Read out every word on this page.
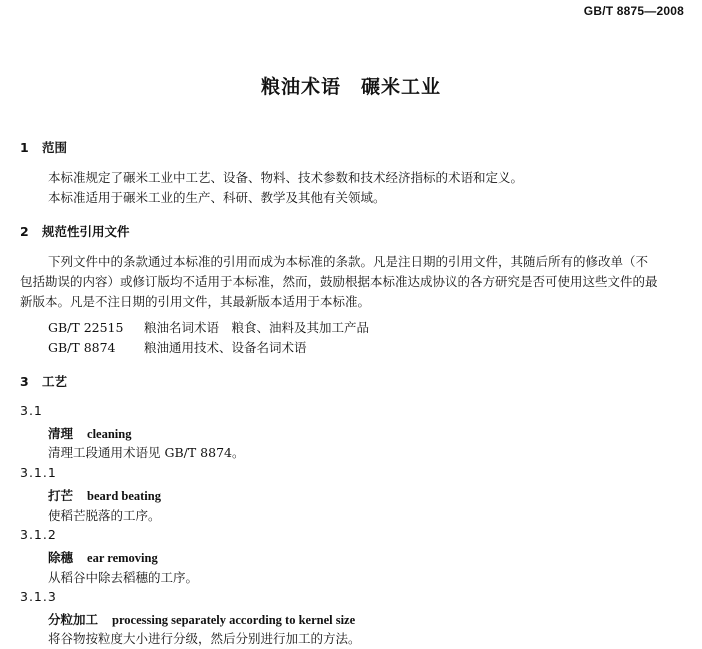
GB/T 8875—2008
粮油术语　碾米工业
1 范围
本标准规定了碾米工业中工艺、设备、物料、技术参数和技术经济指标的术语和定义。
本标准适用于碾米工业的生产、科研、教学及其他有关领域。
2 规范性引用文件
下列文件中的条款通过本标准的引用而成为本标准的条款。凡是注日期的引用文件，其随后所有的修改单（不包括勘误的内容）或修订版均不适用于本标准，然而，鼓励根据本标准达成协议的各方研究是否可使用这些文件的最新版本。凡是不注日期的引用文件，其最新版本适用于本标准。
GB/T 22515 粮油名词术语　粮食、油料及其加工产品
GB/T 8874 粮油通用技术、设备名词术语
3 工艺
3.1
清理 cleaning
清理工段通用术语见 GB/T 8874。
3.1.1
打芒 beard beating
使稻芒脱落的工序。
3.1.2
除穗 ear removing
从稻谷中除去稻穗的工序。
3.1.3
分粒加工 processing separately according to kernel size
将谷物按粒度大小进行分级，然后分别进行加工的方法。
